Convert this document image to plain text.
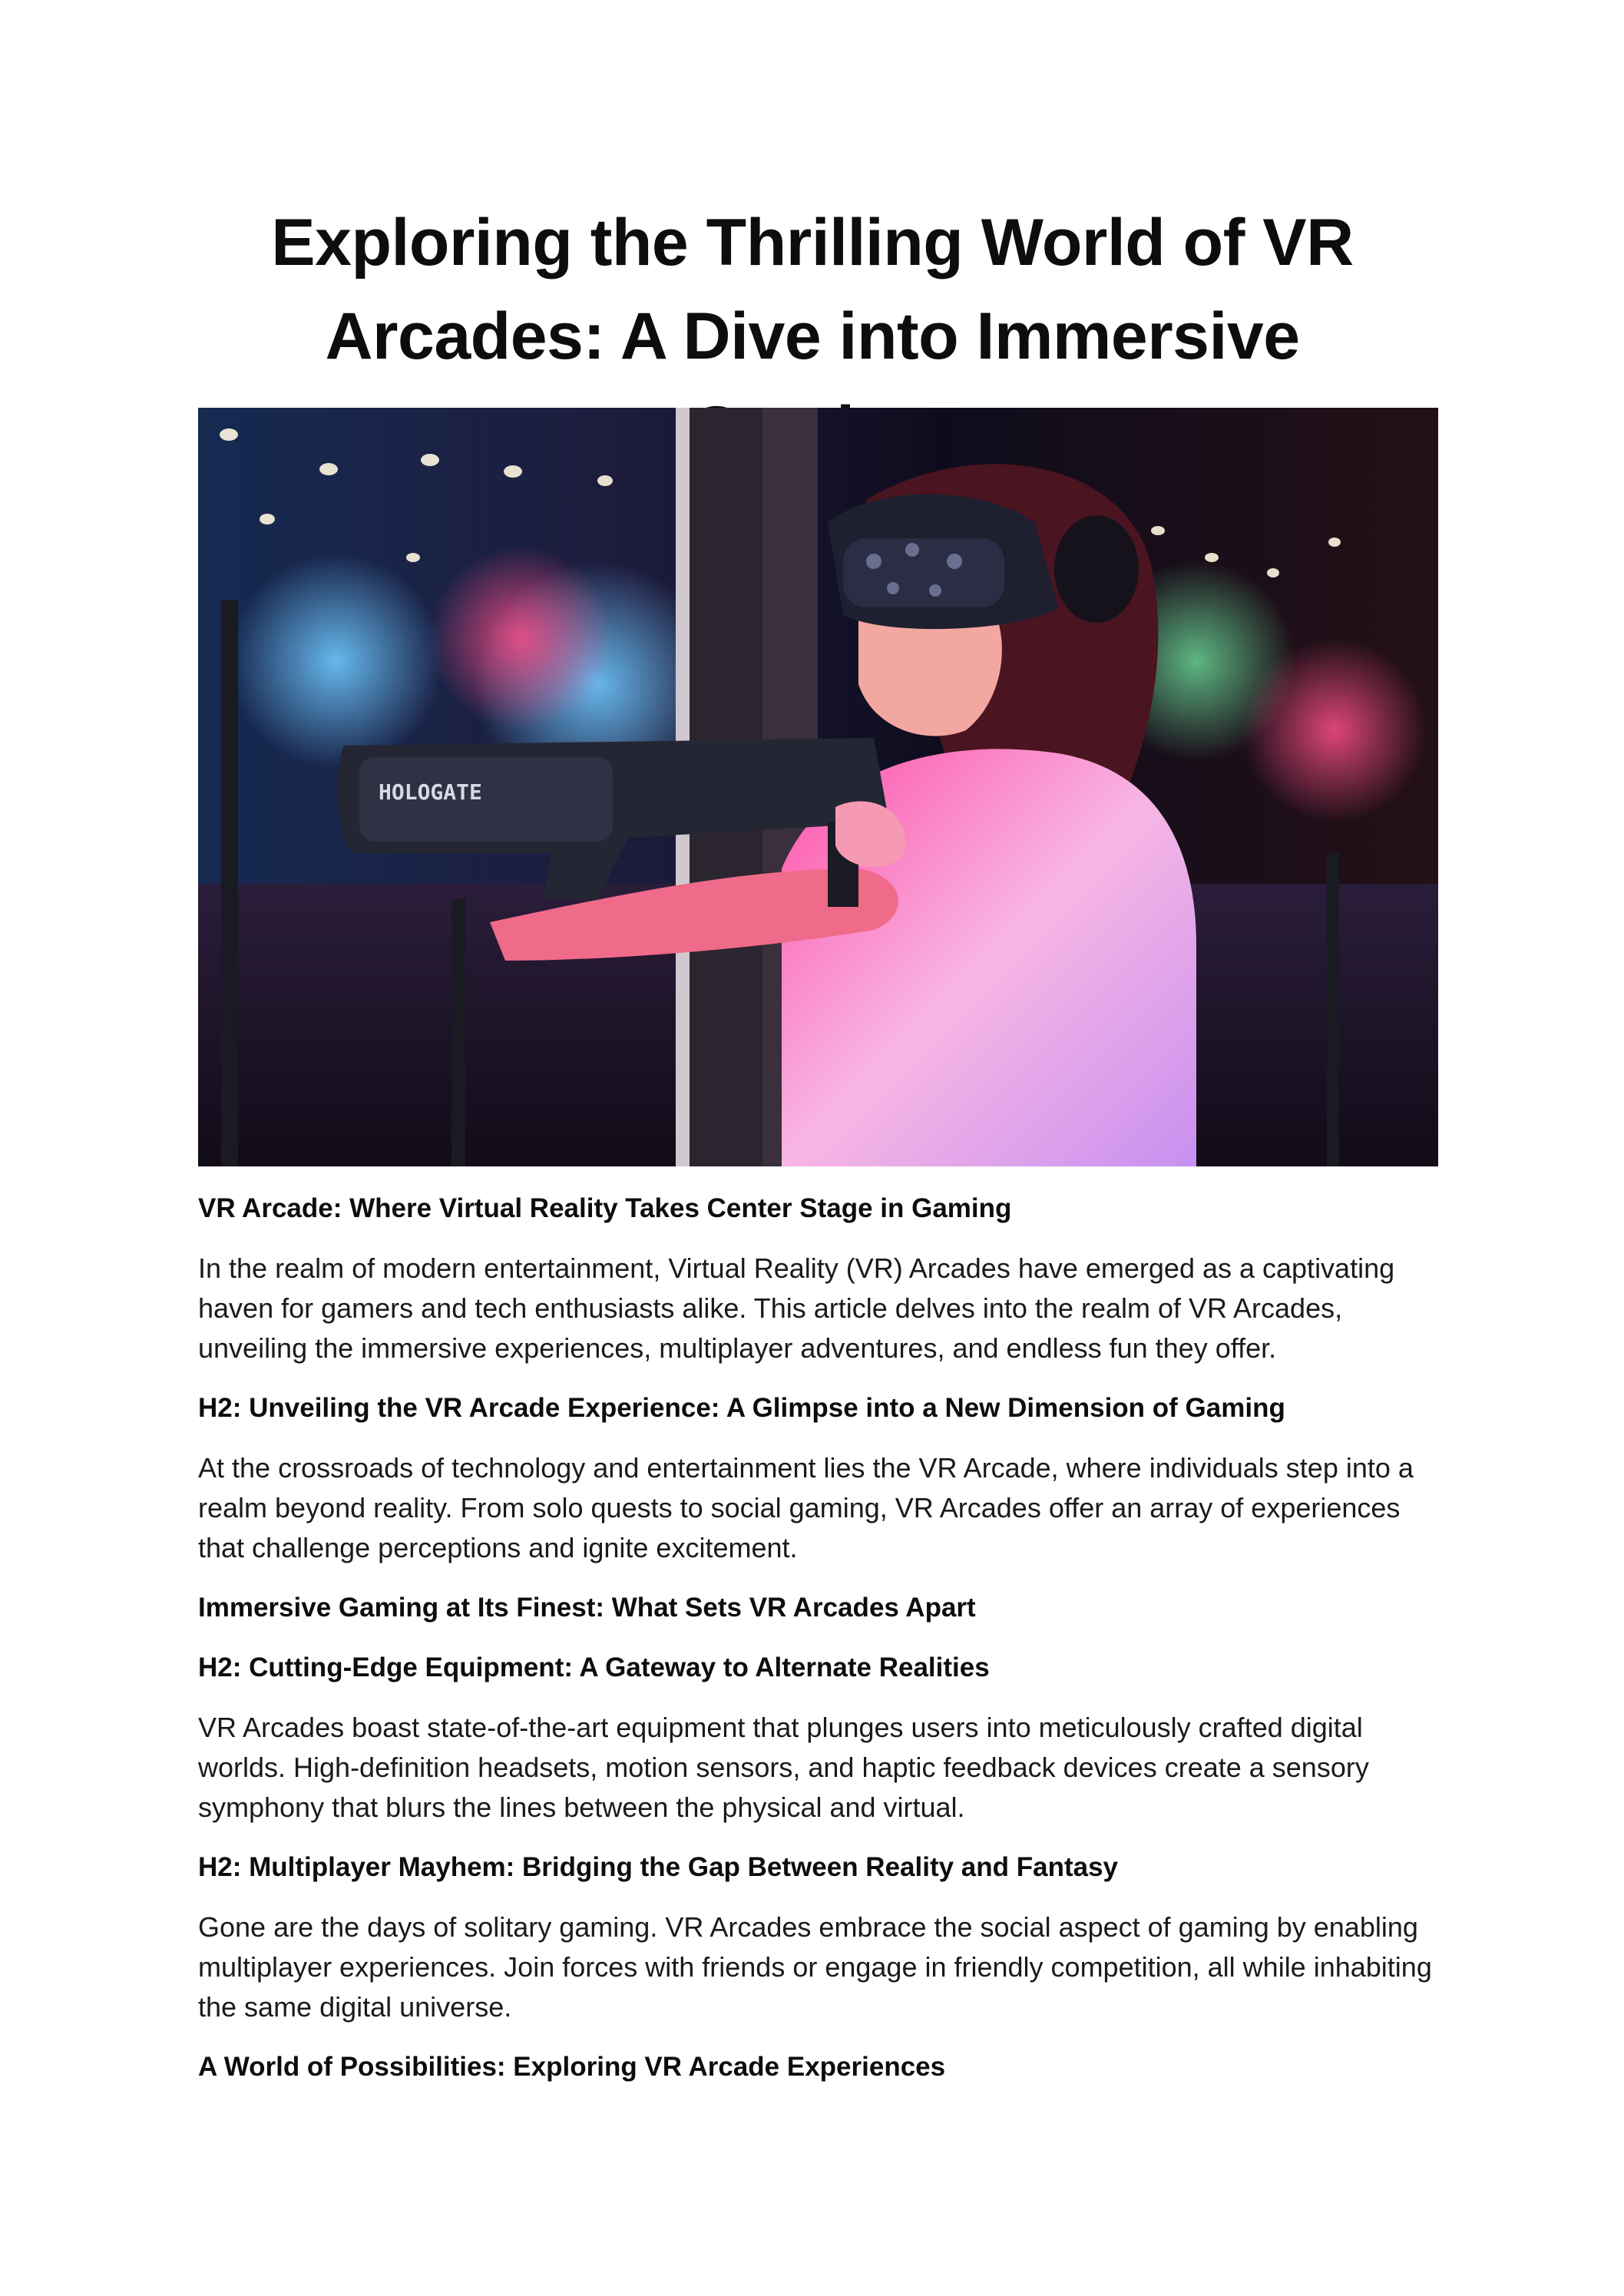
Exploring the Thrilling World of VR Arcades: A Dive into Immersive
HOLOGATE
VR Arcade: Where Virtual Reality Takes Center Stage in Gaming

In the realm of modern entertainment, Virtual Reality (VR) Arcades have emerged as a captivating haven for gamers and tech enthusiasts alike. This article delves into the realm of VR Arcades, unveiling the immersive experiences, multiplayer adventures, and endless fun they offer.

H2: Unveiling the VR Arcade Experience: A Glimpse into a New Dimension of Gaming

At the crossroads of technology and entertainment lies the VR Arcade, where individuals step into a realm beyond reality. From solo quests to social gaming, VR Arcades offer an array of experiences that challenge perceptions and ignite excitement.

Immersive Gaming at Its Finest: What Sets VR Arcades Apart
H2: Cutting-Edge Equipment: A Gateway to Alternate Realities

VR Arcades boast state-of-the-art equipment that plunges users into meticulously crafted digital worlds. High-definition headsets, motion sensors, and haptic feedback devices create a sensory symphony that blurs the lines between the physical and virtual.

H2: Multiplayer Mayhem: Bridging the Gap Between Reality and Fantasy

Gone are the days of solitary gaming. VR Arcades embrace the social aspect of gaming by enabling multiplayer experiences. Join forces with friends or engage in friendly competition, all while inhabiting the same digital universe.

A World of Possibilities: Exploring VR Arcade Experiences
